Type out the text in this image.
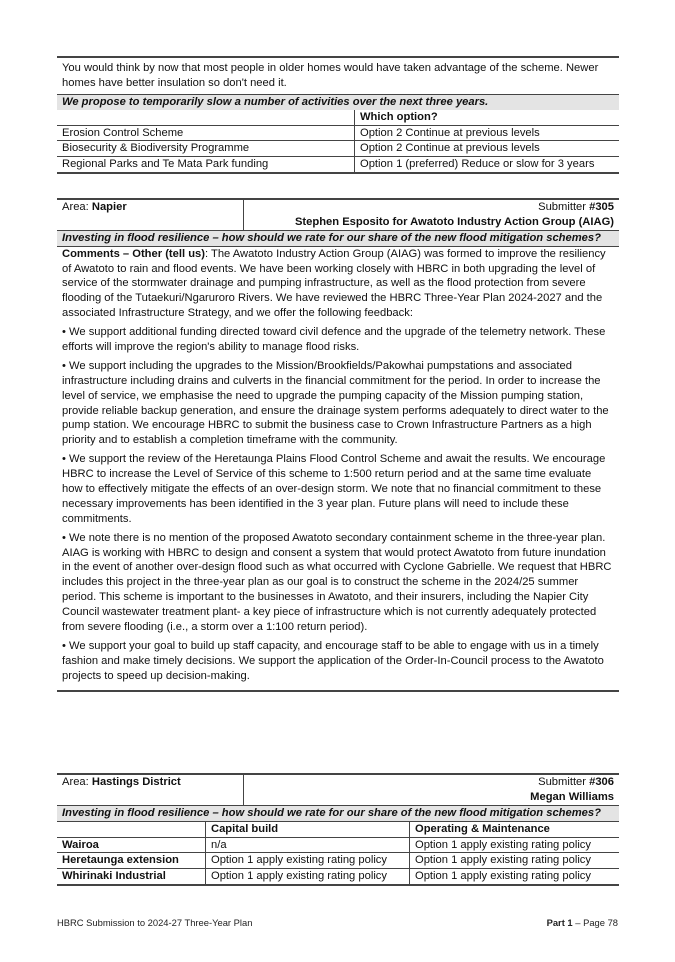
You would think by now that most people in older homes would have taken advantage of the scheme. Newer homes have better insulation so don't need it.
We propose to temporarily slow a number of activities over the next three years.	
	Which option?
Erosion Control Scheme	Option 2 Continue at previous levels
Biosecurity & Biodiversity Programme	Option 2 Continue at previous levels
Regional Parks and Te Mata Park funding	Option 1 (preferred) Reduce or slow for 3 years
Area: Napier	Submitter #305
Stephen Esposito for Awatoto Industry Action Group (AIAG)

Investing in flood resilience – how should we rate for our share of the new flood mitigation schemes?

Comments – Other (tell us): The Awatoto Industry Action Group (AIAG) was formed to improve the resiliency of Awatoto to rain and flood events. We have been working closely with HBRC in both upgrading the level of service of the stormwater drainage and pumping infrastructure, as well as the flood protection from severe flooding of the Tutaekuri/Ngaruroro Rivers. We have reviewed the HBRC Three-Year Plan 2024-2027 and the associated Infrastructure Strategy, and we offer the following feedback:

• We support additional funding directed toward civil defence and the upgrade of the telemetry network. These efforts will improve the region's ability to manage flood risks.

• We support including the upgrades to the Mission/Brookfields/Pakowhai pumpstations and associated infrastructure including drains and culverts in the financial commitment for the period. In order to increase the level of service, we emphasise the need to upgrade the pumping capacity of the Mission pumping station, provide reliable backup generation, and ensure the drainage system performs adequately to direct water to the pump station. We encourage HBRC to submit the business case to Crown Infrastructure Partners as a high priority and to establish a completion timeframe with the community.

• We support the review of the Heretaunga Plains Flood Control Scheme and await the results. We encourage HBRC to increase the Level of Service of this scheme to 1:500 return period and at the same time evaluate how to effectively mitigate the effects of an over-design storm. We note that no financial commitment to these necessary improvements has been identified in the 3 year plan. Future plans will need to include these commitments.

• We note there is no mention of the proposed Awatoto secondary containment scheme in the three-year plan. AIAG is working with HBRC to design and consent a system that would protect Awatoto from future inundation in the event of another over-design flood such as what occurred with Cyclone Gabrielle. We request that HBRC includes this project in the three-year plan as our goal is to construct the scheme in the 2024/25 summer period. This scheme is important to the businesses in Awatoto, and their insurers, including the Napier City Council wastewater treatment plant- a key piece of infrastructure which is not currently adequately protected from severe flooding (i.e., a storm over a 1:100 return period).

• We support your goal to build up staff capacity, and encourage staff to be able to engage with us in a timely fashion and make timely decisions. We support the application of the Order-In-Council process to the Awatoto projects to speed up decision-making.

Area: Hastings District	Submitter #306
Megan Williams

Investing in flood resilience – how should we rate for our share of the new flood mitigation schemes?
	Capital build	Operating & Maintenance
Wairoa	n/a	Option 1 apply existing rating policy
Heretaunga extension	Option 1 apply existing rating policy	Option 1 apply existing rating policy
Whirinaki Industrial	Option 1 apply existing rating policy	Option 1 apply existing rating policy
HBRC Submission to 2024-27 Three-Year Plan	Part 1 – Page 78
